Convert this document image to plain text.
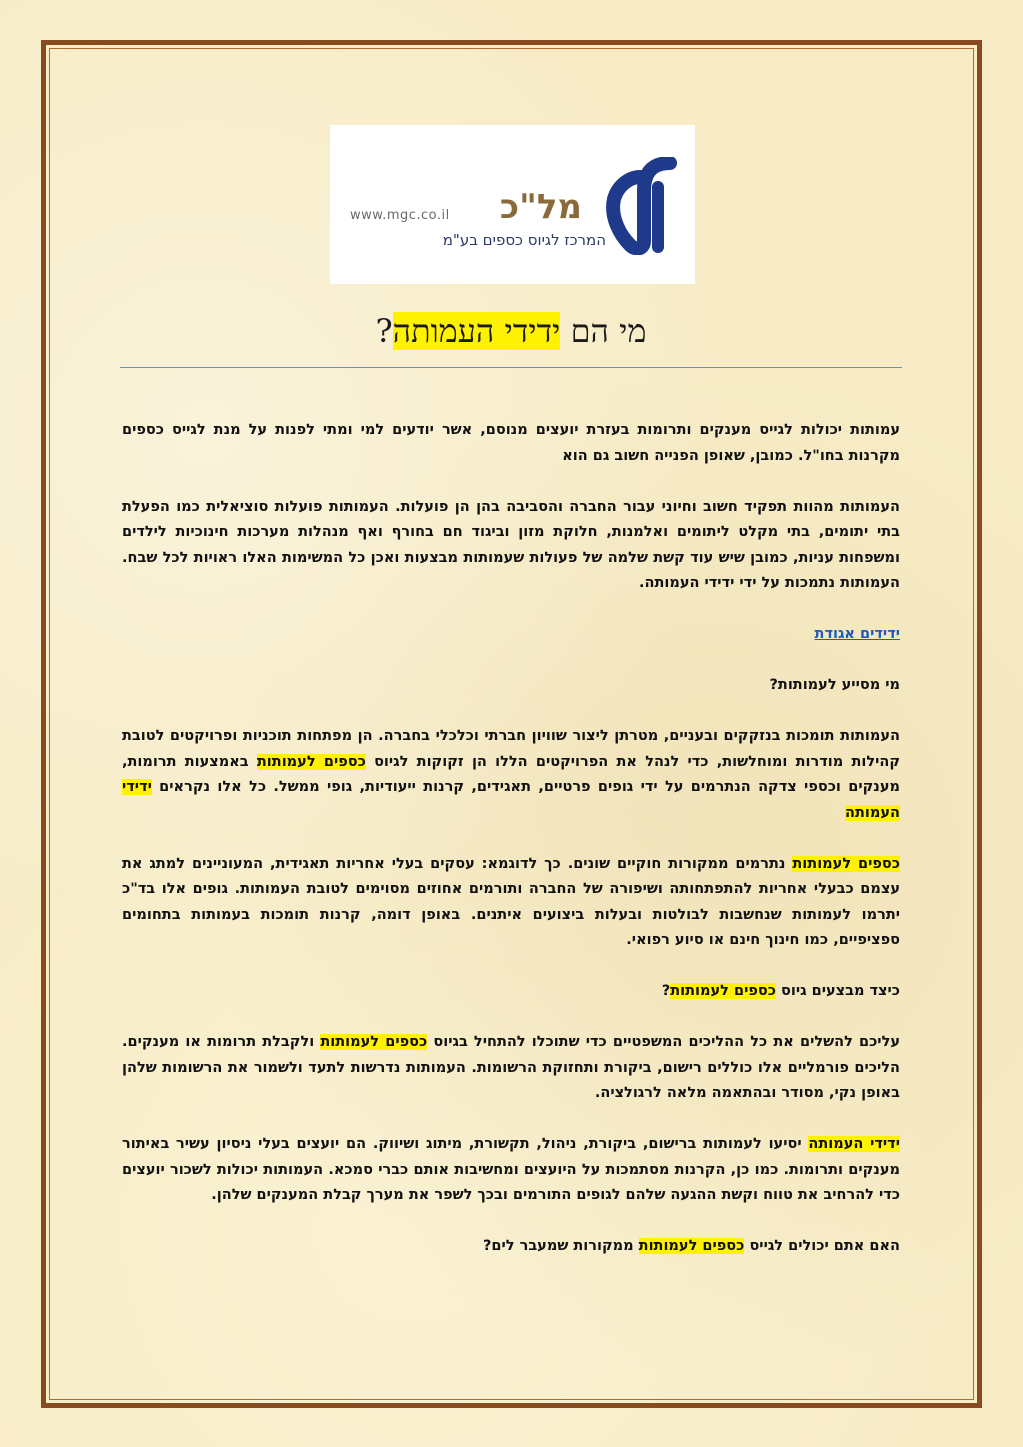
מל"כ
www.mgc.co.il
המרכז לגיוס כספים בע"מ
מי הם ידידי העמותה?

עמותות יכולות לגייס מענקים ותרומות בעזרת יועצים מנוסם, אשר יודעים למי ומתי לפנות על מנת לגייס כספים מקרנות בחו"ל. כמובן, שאופן הפנייה חשוב גם הוא

העמותות מהוות תפקיד חשוב וחיוני עבור החברה והסביבה בהן הן פועלות. העמותות פועלות סוציאלית כמו הפעלת בתי יתומים, בתי מקלט ליתומים ואלמנות, חלוקת מזון וביגוד חם בחורף ואף מנהלות מערכות חינוכיות לילדים ומשפחות עניות, כמובן שיש עוד קשת שלמה של פעולות שעמותות מבצעות ואכן כל המשימות האלו ראויות לכל שבח. העמותות נתמכות על ידי ידידי העמותה.

ידידים אגודת

מי מסייע לעמותות?

העמותות תומכות בנזקקים ובעניים, מטרתן ליצור שוויון חברתי וכלכלי בחברה. הן מפתחות תוכניות ופרויקטים לטובת קהילות מודרות ומוחלשות, כדי לנהל את הפרויקטים הללו הן זקוקות לגיוס כספים לעמותות באמצעות תרומות, מענקים וכספי צדקה הנתרמים על ידי גופים פרטיים, תאגידים, קרנות ייעודיות, גופי ממשל. כל אלו נקראים ידידי העמותה

כספים לעמותות נתרמים ממקורות חוקיים שונים. כך לדוגמא: עסקים בעלי אחריות תאגידית, המעוניינים למתג את עצמם כבעלי אחריות להתפתחותה ושיפורה של החברה ותורמים אחוזים מסוימים לטובת העמותות. גופים אלו בד"כ יתרמו לעמותות שנחשבות לבולטות ובעלות ביצועים איתנים. באופן דומה, קרנות תומכות בעמותות בתחומים ספציפיים, כמו חינוך חינם או סיוע רפואי.

כיצד מבצעים גיוס כספים לעמותות?

עליכם להשלים את כל ההליכים המשפטיים כדי שתוכלו להתחיל בגיוס כספים לעמותות ולקבלת תרומות או מענקים. הליכים פורמליים אלו כוללים רישום, ביקורת ותחזוקת הרשומות. העמותות נדרשות לתעד ולשמור את הרשומות שלהן באופן נקי, מסודר ובהתאמה מלאה לרגולציה.

ידידי העמותה יסיעו לעמותות ברישום, ביקורת, ניהול, תקשורת, מיתוג ושיווק. הם יועצים בעלי ניסיון עשיר באיתור מענקים ותרומות. כמו כן, הקרנות מסתמכות על היועצים ומחשיבות אותם כברי סמכא. העמותות יכולות לשכור יועצים כדי להרחיב את טווח וקשת ההגעה שלהם לגופים התורמים ובכך לשפר את מערך קבלת המענקים שלהן.

האם אתם יכולים לגייס כספים לעמותות ממקורות שמעבר לים?
